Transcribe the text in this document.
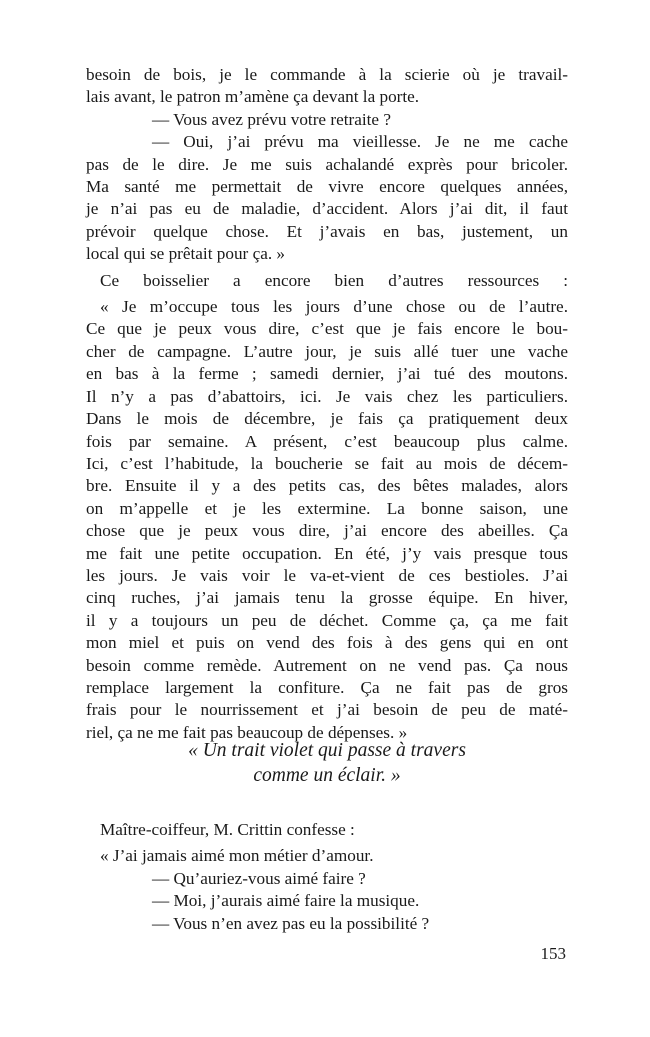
besoin de bois, je le commande à la scierie où je travail-
lais avant, le patron m’amène ça devant la porte.
— Vous avez prévu votre retraite ?
— Oui, j’ai prévu ma vieillesse. Je ne me cache
pas de le dire. Je me suis achalandé exprès pour bricoler.
Ma santé me permettait de vivre encore quelques années,
je n’ai pas eu de maladie, d’accident. Alors j’ai dit, il faut
prévoir quelque chose. Et j’avais en bas, justement, un
local qui se prêtait pour ça. »
Ce boisselier a encore bien d’autres ressources :
« Je m’occupe tous les jours d’une chose ou de l’autre.
Ce que je peux vous dire, c’est que je fais encore le bou-
cher de campagne. L’autre jour, je suis allé tuer une vache
en bas à la ferme ; samedi dernier, j’ai tué des moutons.
Il n’y a pas d’abattoirs, ici. Je vais chez les particuliers.
Dans le mois de décembre, je fais ça pratiquement deux
fois par semaine. A présent, c’est beaucoup plus calme.
Ici, c’est l’habitude, la boucherie se fait au mois de décem-
bre. Ensuite il y a des petits cas, des bêtes malades, alors
on m’appelle et je les extermine. La bonne saison, une
chose que je peux vous dire, j’ai encore des abeilles. Ça
me fait une petite occupation. En été, j’y vais presque tous
les jours. Je vais voir le va-et-vient de ces bestioles. J’ai
cinq ruches, j’ai jamais tenu la grosse équipe. En hiver,
il y a toujours un peu de déchet. Comme ça, ça me fait
mon miel et puis on vend des fois à des gens qui en ont
besoin comme remède. Autrement on ne vend pas. Ça nous
remplace largement la confiture. Ça ne fait pas de gros
frais pour le nourrissement et j’ai besoin de peu de maté-
riel, ça ne me fait pas beaucoup de dépenses. »
« Un trait violet qui passe à travers
comme un éclair. »
Maître-coiffeur, M. Crittin confesse :
« J’ai jamais aimé mon métier d’amour.
— Qu’auriez-vous aimé faire ?
— Moi, j’aurais aimé faire la musique.
— Vous n’en avez pas eu la possibilité ?
153
